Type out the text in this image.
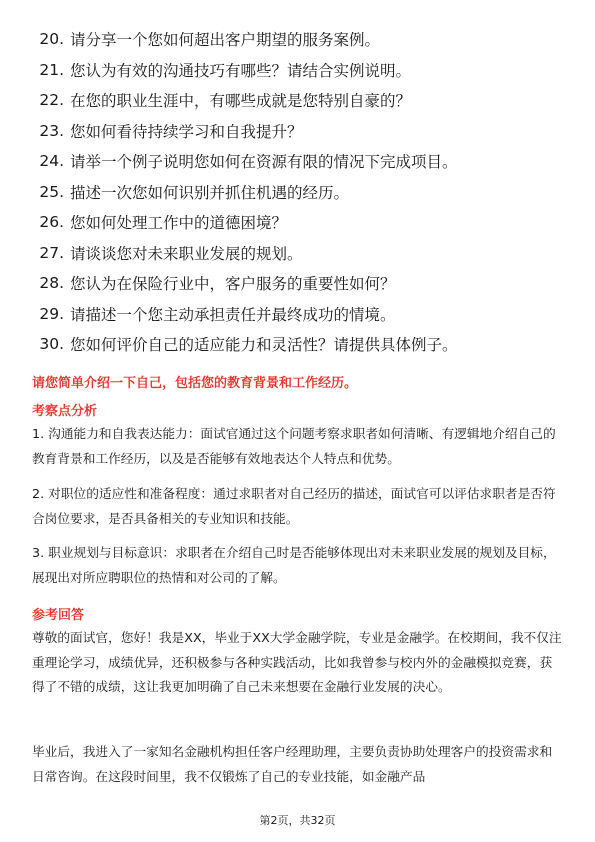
20. 请分享一个您如何超出客户期望的服务案例。
21. 您认为有效的沟通技巧有哪些？请结合实例说明。
22. 在您的职业生涯中，有哪些成就是您特别自豪的？
23. 您如何看待持续学习和自我提升？
24. 请举一个例子说明您如何在资源有限的情况下完成项目。
25. 描述一次您如何识别并抓住机遇的经历。
26. 您如何处理工作中的道德困境？
27. 请谈谈您对未来职业发展的规划。
28. 您认为在保险行业中，客户服务的重要性如何？
29. 请描述一个您主动承担责任并最终成功的情境。
30. 您如何评价自己的适应能力和灵活性？请提供具体例子。
请您简单介绍一下自己，包括您的教育背景和工作经历。
考察点分析
1. 沟通能力和自我表达能力：面试官通过这个问题考察求职者如何清晰、有逻辑地介绍自己的教育背景和工作经历，以及是否能够有效地表达个人特点和优势。
2. 对职位的适应性和准备程度：通过求职者对自己经历的描述，面试官可以评估求职者是否符合岗位要求，是否具备相关的专业知识和技能。
3. 职业规划与目标意识：求职者在介绍自己时是否能够体现出对未来职业发展的规划及目标，展现出对所应聘职位的热情和对公司的了解。
参考回答
尊敬的面试官，您好！我是XX，毕业于XX大学金融学院，专业是金融学。在校期间，我不仅注重理论学习，成绩优异，还积极参与各种实践活动，比如我曾参与校内外的金融模拟竞赛，获得了不错的成绩，这让我更加明确了自己未来想要在金融行业发展的决心。
毕业后，我进入了一家知名金融机构担任客户经理助理，主要负责协助处理客户的投资需求和日常咨询。在这段时间里，我不仅锻炼了自己的专业技能，如金融产品
第2页，共32页
